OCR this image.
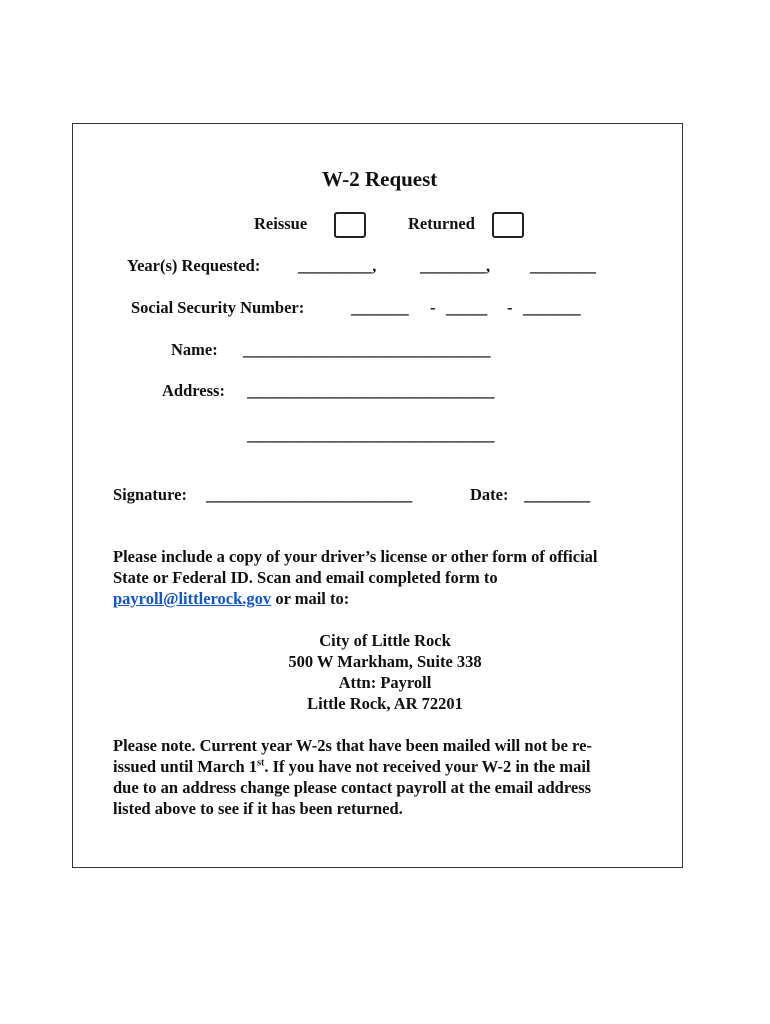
W-2 Request
Reissue	Returned
Year(s) Requested: _________,	________, ________
Social Security Number:	_______ - _____ - _______
Name: ______________________________
Address: ______________________________
______________________________
Signature: _________________________	Date: ________
Please include a copy of your driver’s license or other form of official
State or Federal ID. Scan and email completed form to
payroll@littlerock.gov or mail to:
City of Little Rock
500 W Markham, Suite 338
Attn: Payroll
Little Rock, AR 72201
Please note. Current year W-2s that have been mailed will not be re-
issued until March 1st. If you have not received your W-2 in the mail
due to an address change please contact payroll at the email address
listed above to see if it has been returned.
